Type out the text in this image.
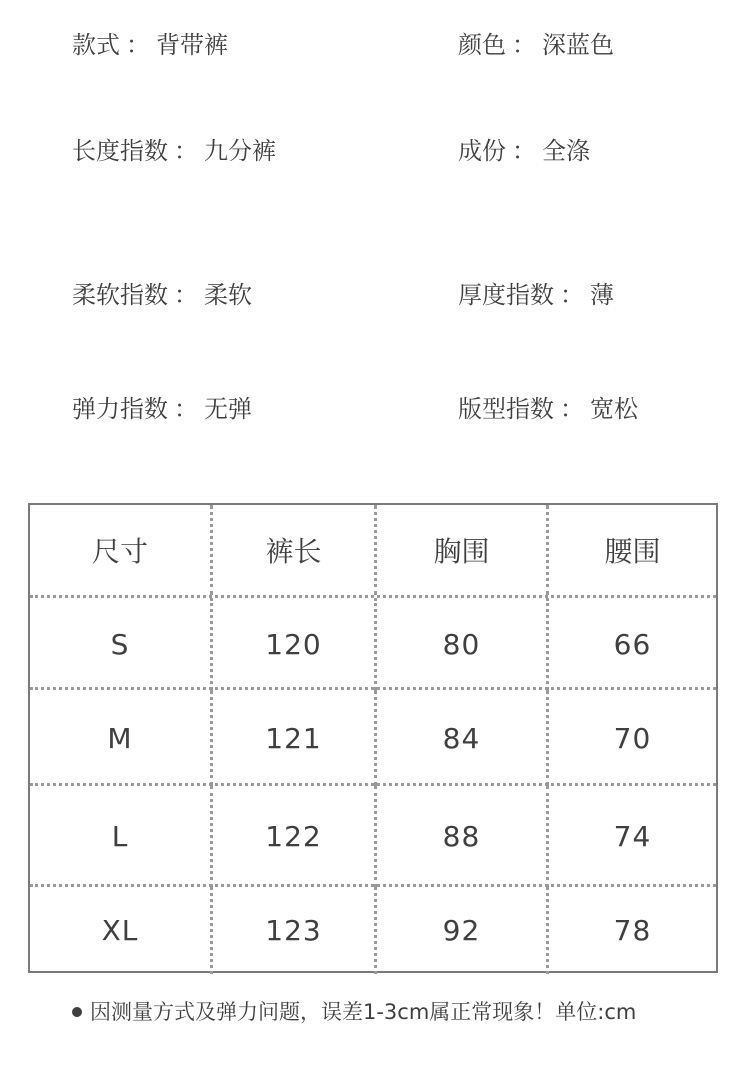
款式 ： 背带裤	颜色 ： 深蓝色
长度指数 ： 九分裤	成份 ： 全涤
柔软指数 ： 柔软	厚度指数 ： 薄
弹力指数 ： 无弹	版型指数 ： 宽松
尺寸	裤长	胸围	腰围
S	120	80	66
M	121	84	70
L	122	88	74
XL	123	92	78
因测量方式及弹力问题，误差1-3cm属正常现象！单位:cm
